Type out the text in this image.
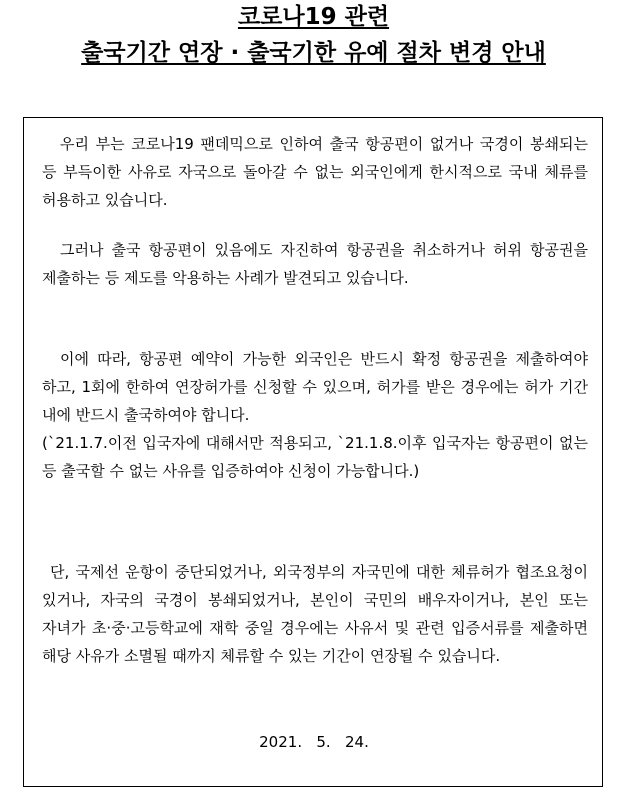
코로나19 관련
출국기간 연장 · 출국기한 유예 절차 변경 안내

우리 부는 코로나19 팬데믹으로 인하여 출국 항공편이 없거나 국경이 봉쇄되는 등 부득이한 사유로 자국으로 돌아갈 수 없는 외국인에게 한시적으로 국내 체류를 허용하고 있습니다.

그러나 출국 항공편이 있음에도 자진하여 항공권을 취소하거나 허위 항공권을 제출하는 등 제도를 악용하는 사례가 발견되고 있습니다.

이에 따라, 항공편 예약이 가능한 외국인은 반드시 확정 항공권을 제출하여야 하고, 1회에 한하여 연장허가를 신청할 수 있으며, 허가를 받은 경우에는 허가 기간 내에 반드시 출국하여야 합니다.

(`21.1.7.이전 입국자에 대해서만 적용되고, `21.1.8.이후 입국자는 항공편이 없는 등 출국할 수 없는 사유를 입증하여야 신청이 가능합니다.)

단, 국제선 운항이 중단되었거나, 외국정부의 자국민에 대한 체류허가 협조요청이 있거나, 자국의 국경이 봉쇄되었거나, 본인이 국민의 배우자이거나, 본인 또는 자녀가 초·중·고등학교에 재학 중일 경우에는 사유서 및 관련 입증서류를 제출하면 해당 사유가 소멸될 때까지 체류할 수 있는 기간이 연장될 수 있습니다.

2021.   5.   24.
